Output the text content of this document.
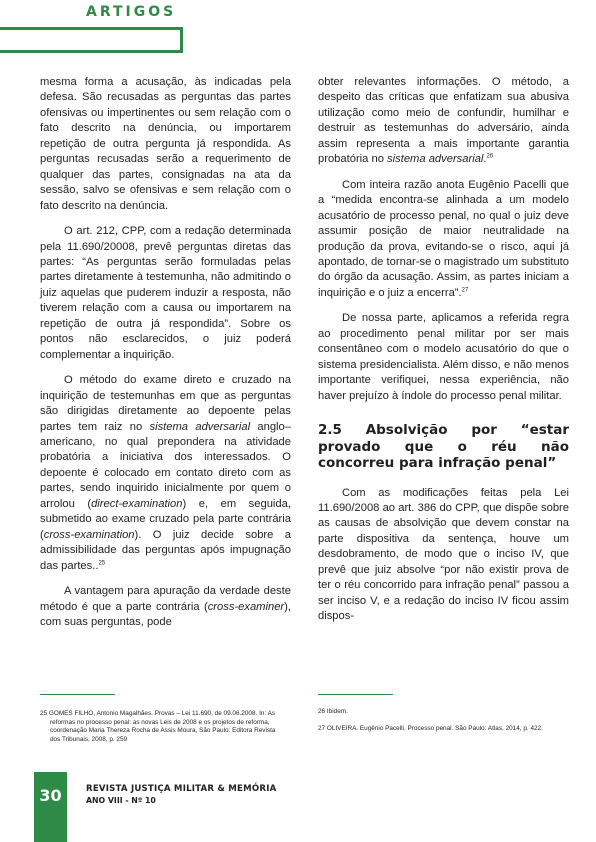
ARTIGOS

mesma forma a acusação, às indicadas pela defesa. São recusadas as perguntas das partes ofensivas ou impertinentes ou sem relação com o fato descrito na denúncia, ou importarem repetição de outra pergunta já respondida. As perguntas recusadas serão a requerimento de qualquer das partes, consignadas na ata da sessão, salvo se ofensivas e sem relação com o fato descrito na denúncia.

O art. 212, CPP, com a redação determinada pela 11.690/20008, prevê perguntas diretas das partes: “As perguntas serão formuladas pelas partes diretamente à testemunha, não admitindo o juiz aquelas que puderem induzir a resposta, não tiverem relação com a causa ou importarem na repetição de outra já respondida”. Sobre os pontos não esclarecidos, o juiz poderá complementar a inquirição.

O método do exame direto e cruzado na inquirição de testemunhas em que as perguntas são dirigidas diretamente ao depoente pelas partes tem raiz no sistema adversarial anglo–americano, no qual prepondera na atividade probatória a iniciativa dos interessados. O depoente é colocado em contato direto com as partes, sendo inquirido inicialmente por quem o arrolou (direct-examination) e, em seguida, submetido ao exame cruzado pela parte contrária (cross-examination). O juiz decide sobre a admissibilidade das perguntas após impugnação das partes..$^{25}$

A vantagem para apuração da verdade deste método é que a parte contrária (cross-examiner), com suas perguntas, pode

obter relevantes informações. O método, a despeito das críticas que enfatizam sua abusiva utilização como meio de confundir, humilhar e destruir as testemunhas do adversário, ainda assim representa a mais importante garantia probatória no sistema adversarial.$^{26}$

Com inteira razão anota Eugênio Pacelli que a “medida encontra-se alinhada a um modelo acusatório de processo penal, no qual o juiz deve assumir posição de maior neutralidade na produção da prova, evitando-se o risco, aqui já apontado, de tornar-se o magistrado um substituto do órgão da acusação. Assim, as partes iniciam a inquirição e o juiz a encerra”.$^{27}$

De nossa parte, aplicamos a referida regra ao procedimento penal militar por ser mais consentâneo com o modelo acusatório do que o sistema presidencialista. Além disso, e não menos importante verifiquei, nessa experiência, não haver prejuízo à índole do processo penal militar.

2.5 Absolvição por “estar provado que o réu não concorreu para infração penal”

Com as modificações feitas pela Lei 11.690/2008 ao art. 386 do CPP, que dispõe sobre as causas de absolvição que devem constar na parte dispositiva da sentença, houve um desdobramento, de modo que o inciso IV, que prevê que juiz absolve “por não existir prova de ter o réu concorrido para infração penal” passou a ser inciso V, e a redação do inciso IV ficou assim dispos-

25 GOMES FILHO, Antonio Magalhães. Provas – Lei 11.690, de 09.06.2008. In: As reformas no processo penal: as novas Leis de 2008 e os projetos de reforma, coordenação Maria Thereza Rocha de Assis Moura, São Paulo: Editora Revista dos Tribunais, 2008, p. 259
26 Ibidem.
27 OLIVEIRA. Eugênio Pacelli. Processo penal. São Paulo: Atlas, 2014, p. 422.
30	REVISTA JUSTIÇA MILITAR & MEMÓRIA
ANO VIII - Nº 10
